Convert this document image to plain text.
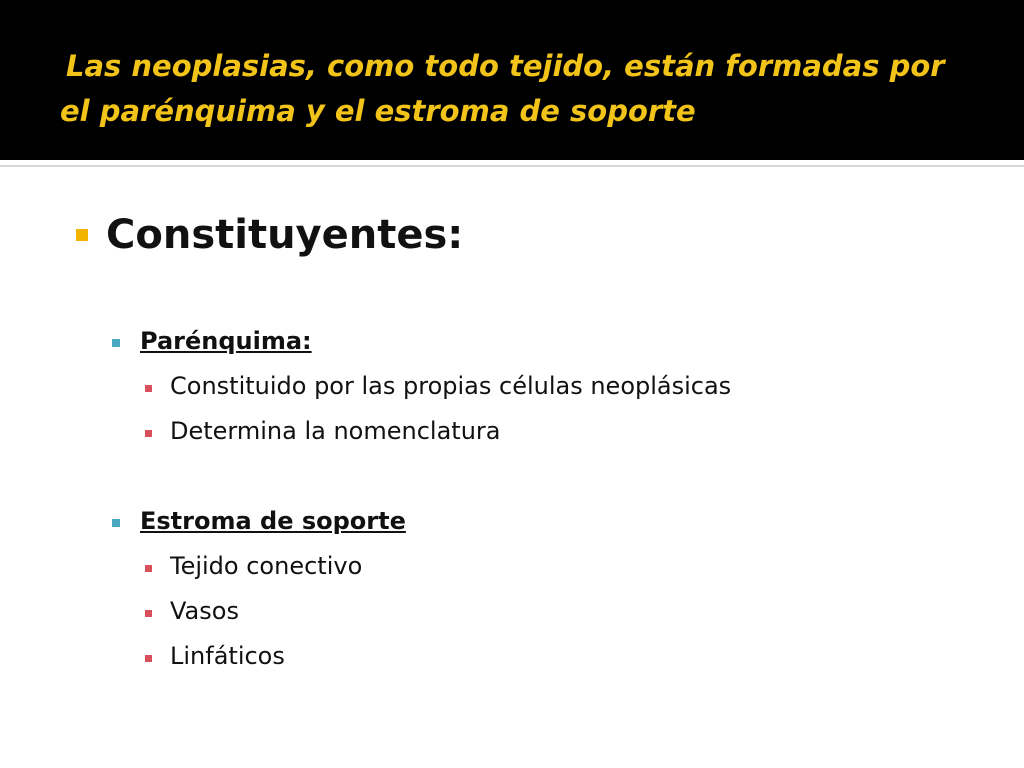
Las neoplasias, como todo tejido, están formadas por
el parénquima y el estroma de soporte
Constituyentes:
Parénquima:
Constituido por las propias células neoplásicas
Determina la nomenclatura
Estroma de soporte
Tejido conectivo
Vasos
Linfáticos
